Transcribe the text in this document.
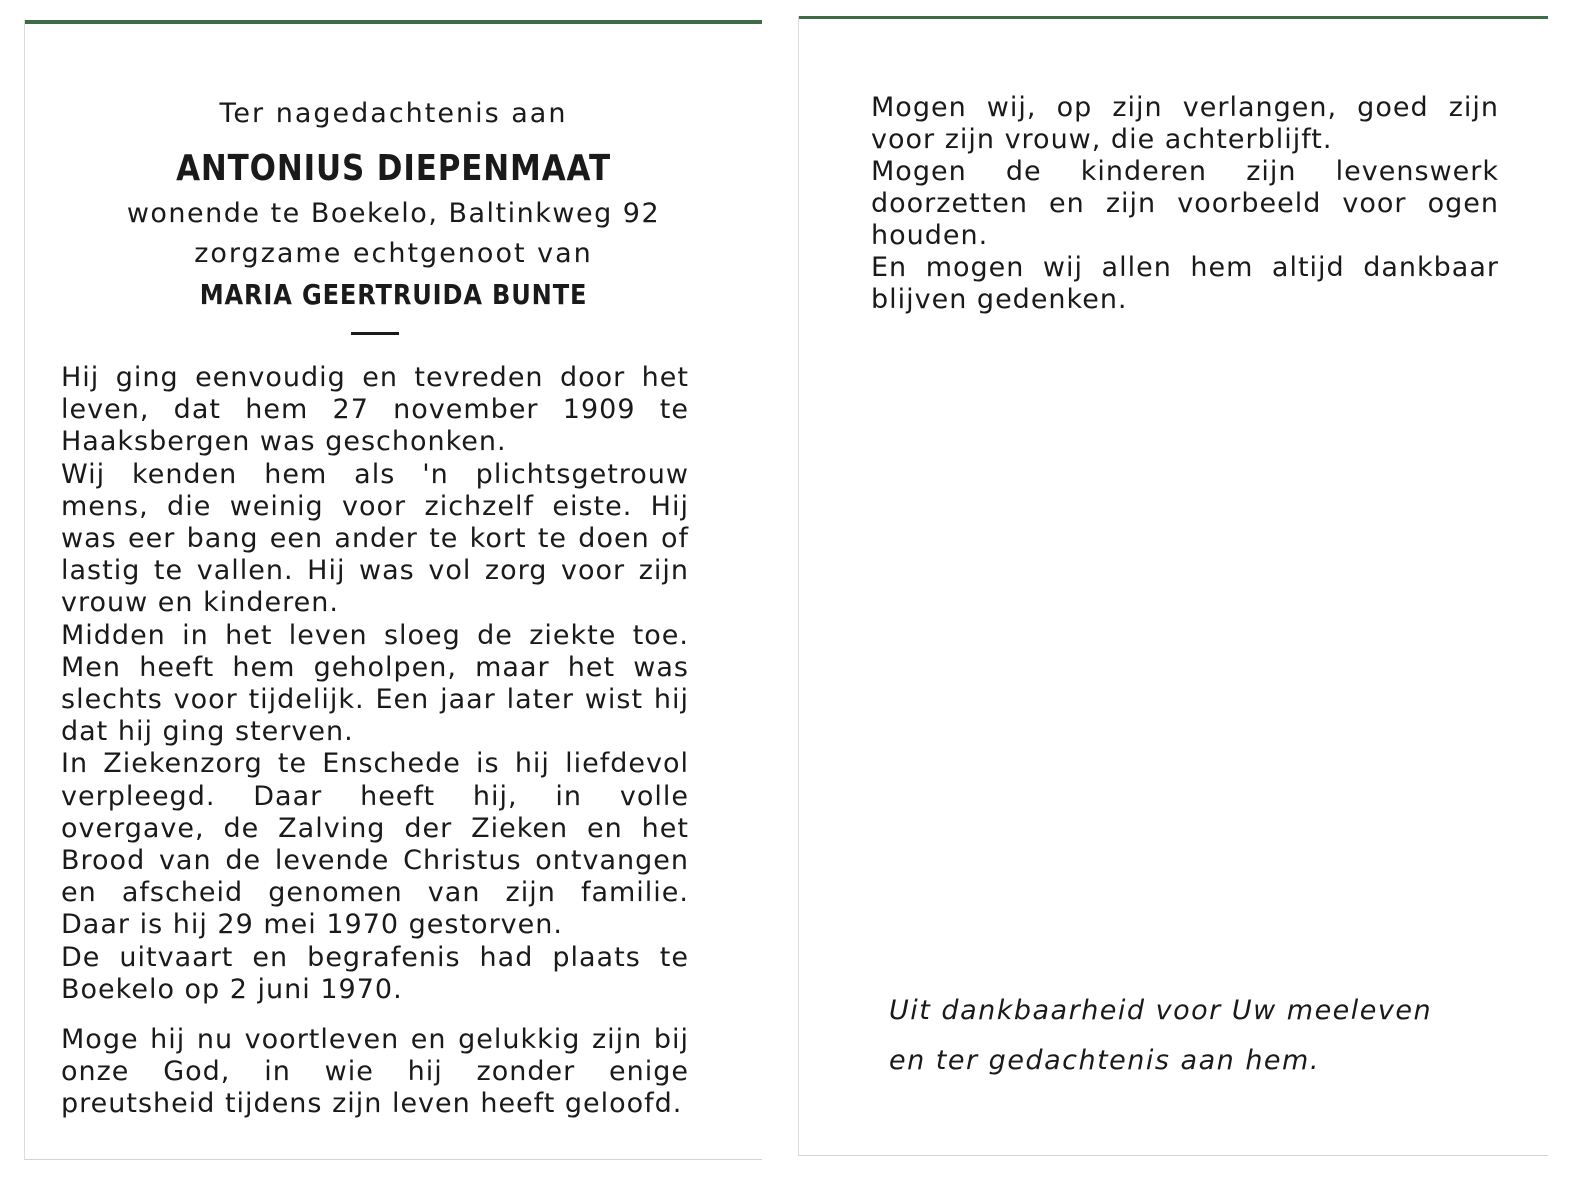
Ter nagedachtenis aan
ANTONIUS DIEPENMAAT
wonende te Boekelo, Baltinkweg 92
zorgzame echtgenoot van
MARIA GEERTRUIDA BUNTE

Hij ging eenvoudig en tevreden door het leven, dat hem 27 november 1909 te Haaksbergen was geschonken.

Wij kenden hem als 'n plichtsgetrouw mens, die weinig voor zichzelf eiste. Hij was eer bang een ander te kort te doen of lastig te vallen. Hij was vol zorg voor zijn vrouw en kinderen.

Midden in het leven sloeg de ziekte toe. Men heeft hem geholpen, maar het was slechts voor tijdelijk. Een jaar later wist hij dat hij ging sterven.

In Ziekenzorg te Enschede is hij liefdevol verpleegd. Daar heeft hij, in volle overgave, de Zalving der Zieken en het Brood van de levende Christus ontvangen en afscheid genomen van zijn familie. Daar is hij 29 mei 1970 gestorven.

De uitvaart en begrafenis had plaats te Boekelo op 2 juni 1970.

Moge hij nu voortleven en gelukkig zijn bij onze God, in wie hij zonder enige preutsheid tijdens zijn leven heeft geloofd.

Mogen wij, op zijn verlangen, goed zijn voor zijn vrouw, die achterblijft.

Mogen de kinderen zijn levenswerk doorzetten en zijn voorbeeld voor ogen houden.

En mogen wij allen hem altijd dankbaar blijven gedenken.

Uit dankbaarheid voor Uw meeleven

en ter gedachtenis aan hem.
